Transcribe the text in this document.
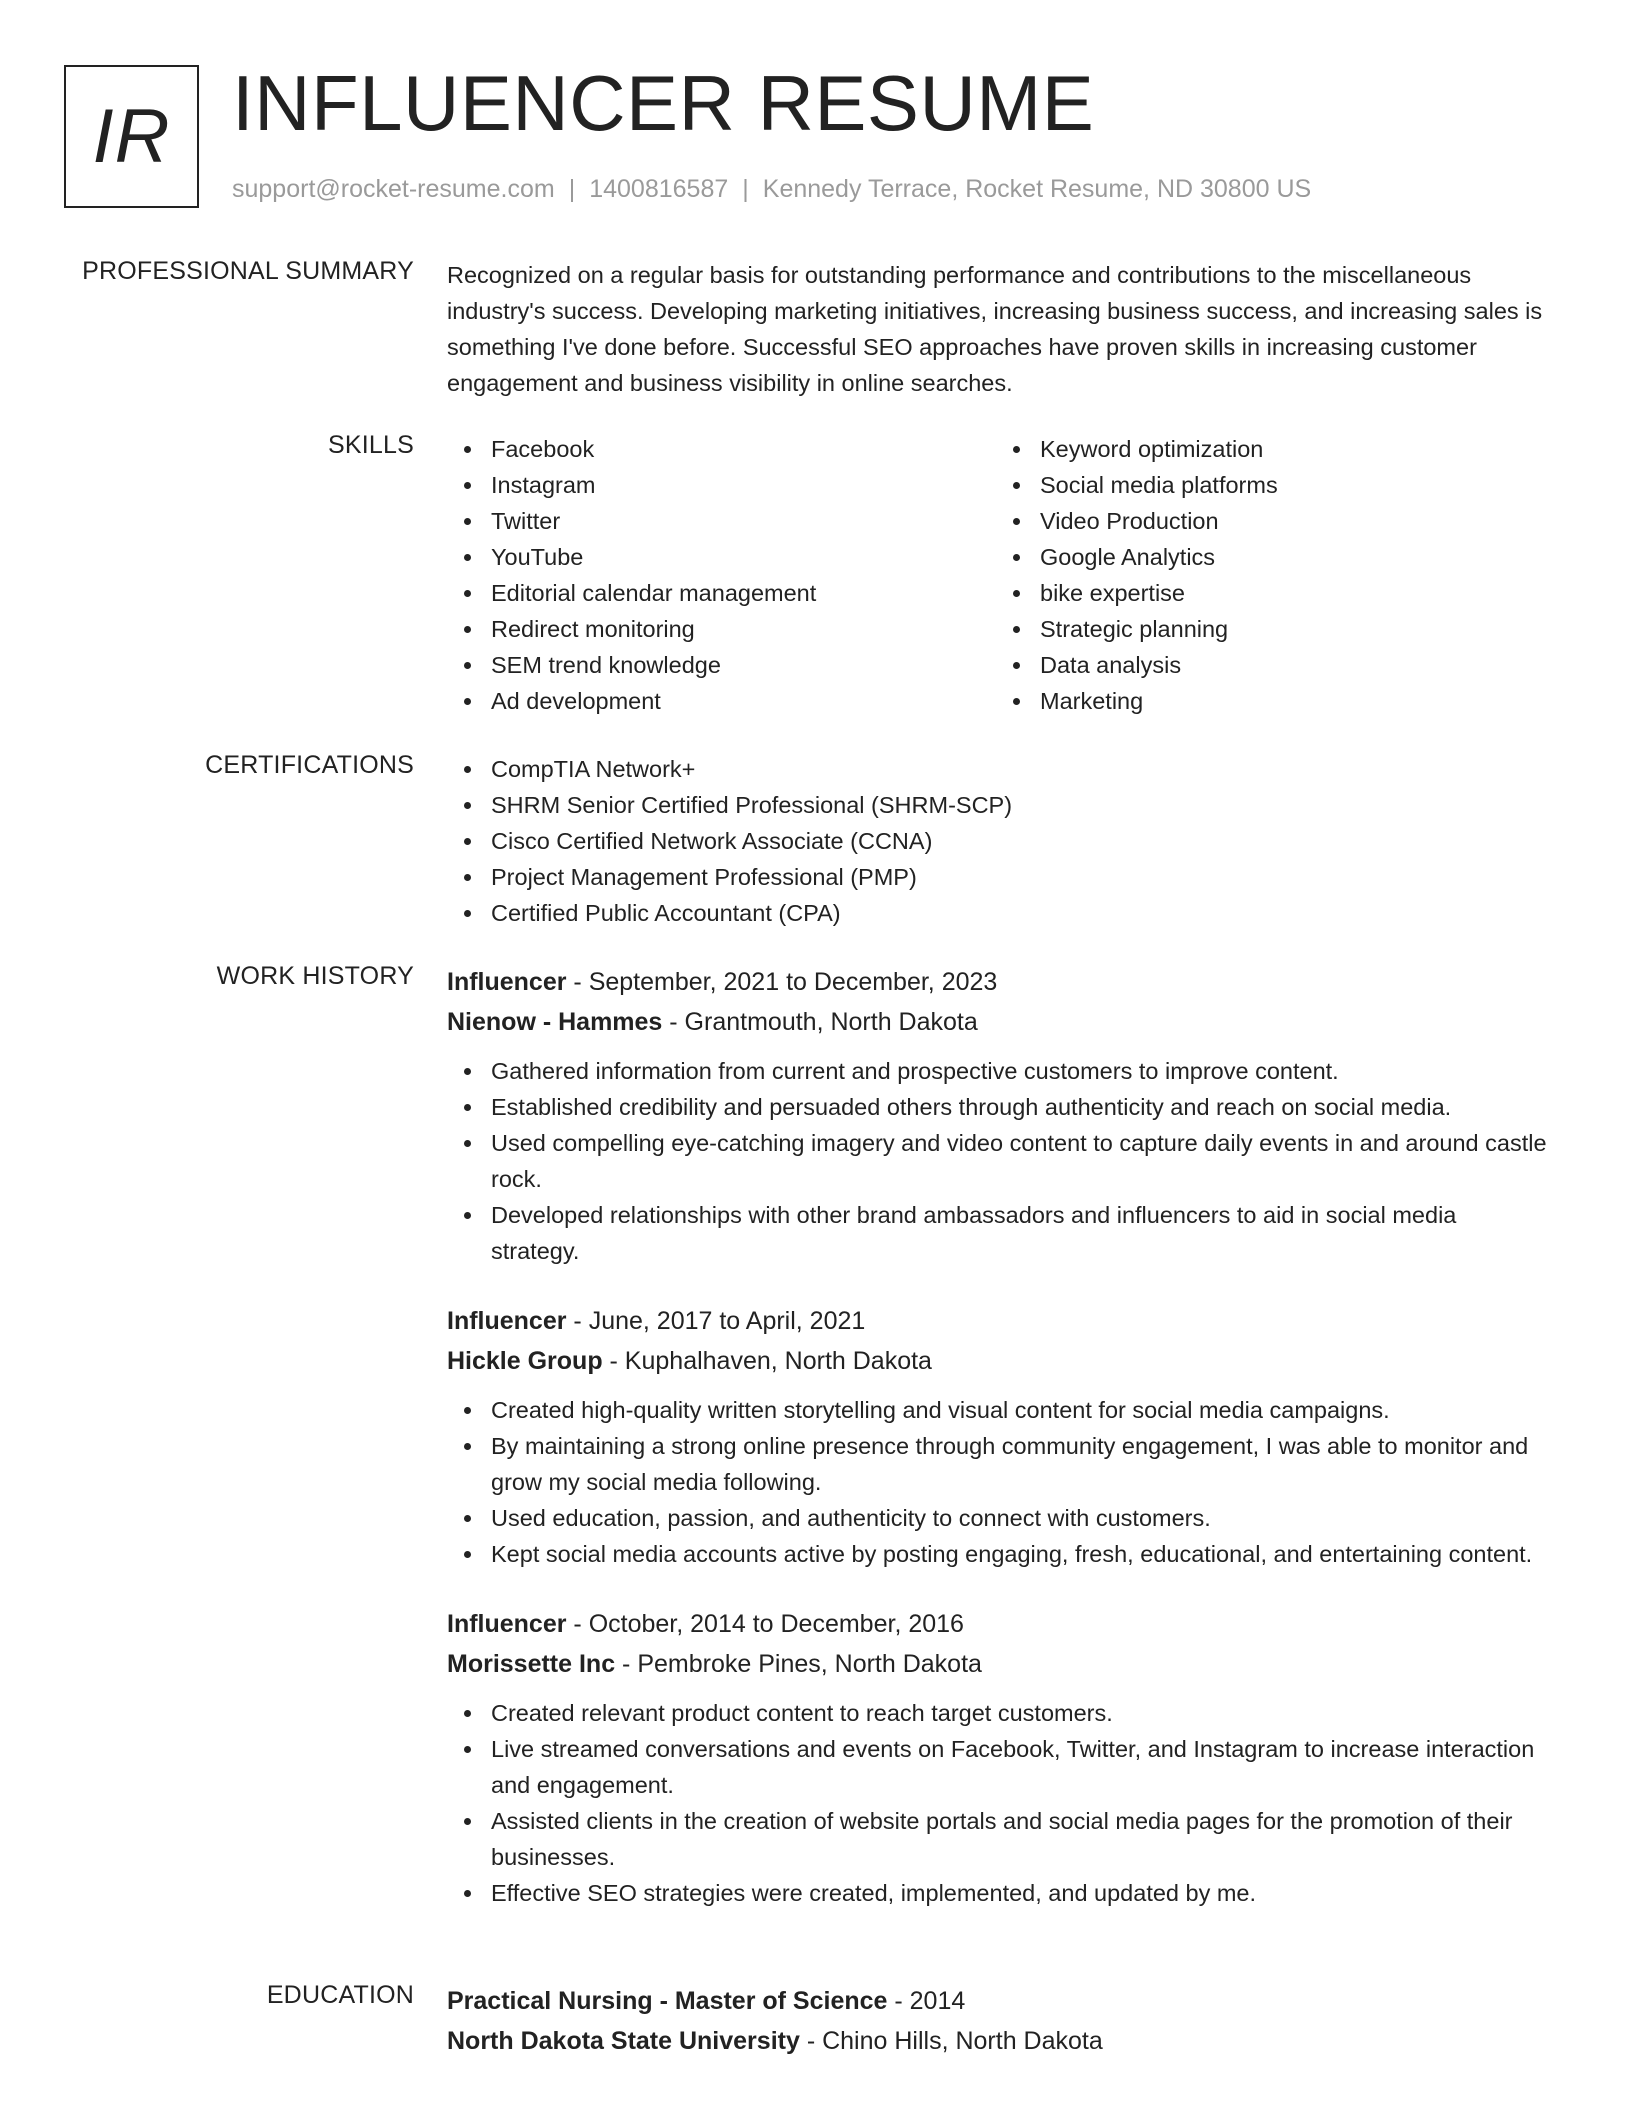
IR INFLUENCER RESUME
support@rocket-resume.com | 1400816587 | Kennedy Terrace, Rocket Resume, ND 30800 US
PROFESSIONAL SUMMARY Recognized on a regular basis for outstanding performance and contributions to the miscellaneous industry's success. Developing marketing initiatives, increasing business success, and increasing sales is something I've done before. Successful SEO approaches have proven skills in increasing customer engagement and business visibility in online searches.

SKILLS	Facebook
Instagram
Twitter
YouTube
Editorial calendar management
Redirect monitoring
SEM trend knowledge
Ad development
Keyword optimization
Social media platforms
Video Production
Google Analytics
bike expertise
Strategic planning
Data analysis
Marketing
CERTIFICATIONS	CompTIA Network+
SHRM Senior Certified Professional (SHRM-SCP)
Cisco Certified Network Associate (CCNA)
Project Management Professional (PMP)
Certified Public Accountant (CPA)
WORK HISTORY Influencer - September, 2021 to December, 2023
Nienow - Hammes - Grantmouth, North Dakota
Gathered information from current and prospective customers to improve content.
Established credibility and persuaded others through authenticity and reach on social media.
Used compelling eye-catching imagery and video content to capture daily events in and around castle rock.
Developed relationships with other brand ambassadors and influencers to aid in social media strategy.
Influencer - June, 2017 to April, 2021
Hickle Group - Kuphalhaven, North Dakota
Created high-quality written storytelling and visual content for social media campaigns.
By maintaining a strong online presence through community engagement, I was able to monitor and grow my social media following.
Used education, passion, and authenticity to connect with customers.
Kept social media accounts active by posting engaging, fresh, educational, and entertaining content.
Influencer - October, 2014 to December, 2016
Morissette Inc - Pembroke Pines, North Dakota
Created relevant product content to reach target customers.
Live streamed conversations and events on Facebook, Twitter, and Instagram to increase interaction and engagement.
Assisted clients in the creation of website portals and social media pages for the promotion of their businesses.
Effective SEO strategies were created, implemented, and updated by me.
EDUCATION Practical Nursing - Master of Science - 2014
North Dakota State University - Chino Hills, North Dakota
